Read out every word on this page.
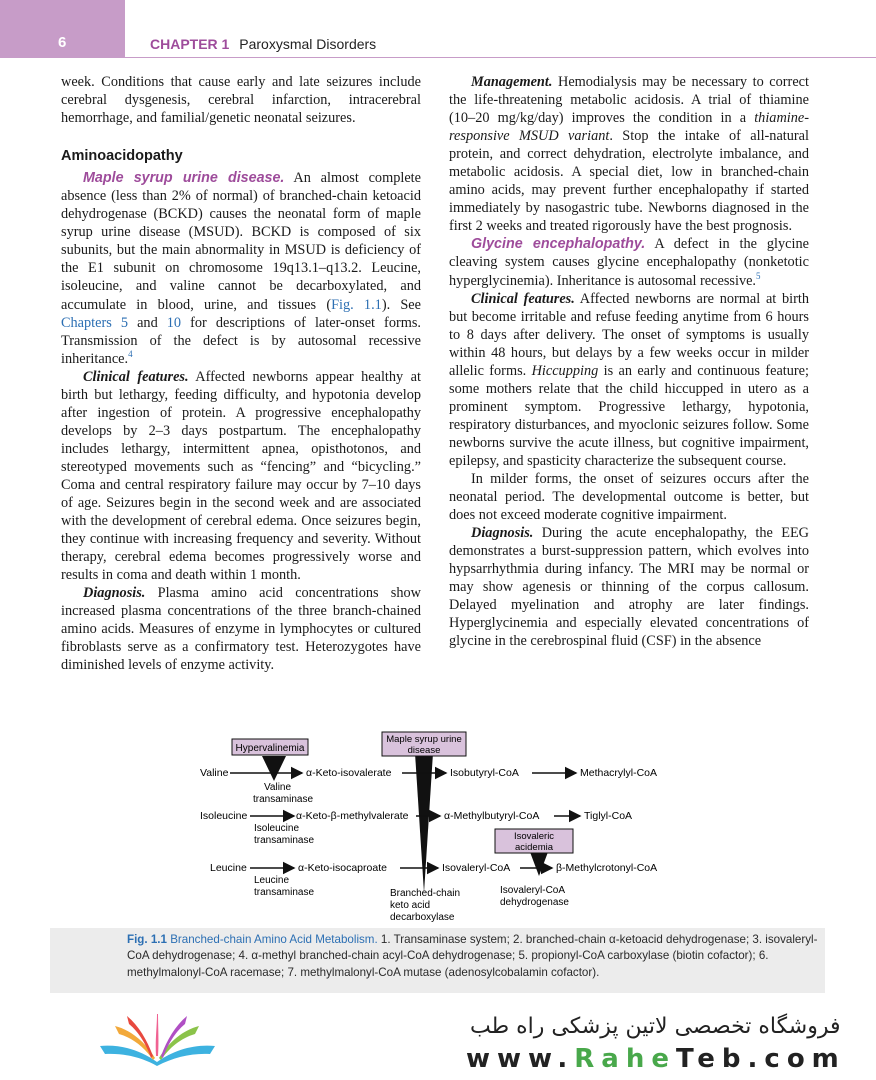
6	CHAPTER 1 Paroxysmal Disorders

week. Conditions that cause early and late seizures include cerebral dysgenesis, cerebral infarction, intracerebral hemorrhage, and familial/genetic neonatal seizures.

Aminoacidopathy

Maple syrup urine disease. An almost complete absence (less than 2% of normal) of branched-chain ketoacid dehydrogenase (BCKD) causes the neonatal form of maple syrup urine disease (MSUD). BCKD is composed of six subunits, but the main abnormality in MSUD is deficiency of the E1 subunit on chromosome 19q13.1–q13.2. Leucine, isoleucine, and valine cannot be decarboxylated, and accumulate in blood, urine, and tissues (Fig. 1.1). See Chapters 5 and 10 for descriptions of later-onset forms. Transmission of the defect is by autosomal recessive inheritance.$^4$

Clinical features. Affected newborns appear healthy at birth but lethargy, feeding difficulty, and hypotonia develop after ingestion of protein. A progressive encephalopathy develops by 2–3 days postpartum. The encephalopathy includes lethargy, intermittent apnea, opisthotonos, and stereotyped movements such as “fencing” and “bicycling.” Coma and central respiratory failure may occur by 7–10 days of age. Seizures begin in the second week and are associated with the development of cerebral edema. Once seizures begin, they continue with increasing frequency and severity. Without therapy, cerebral edema becomes progressively worse and results in coma and death within 1 month.

Diagnosis. Plasma amino acid concentrations show increased plasma concentrations of the three branch-chained amino acids. Measures of enzyme in lymphocytes or cultured fibroblasts serve as a confirmatory test. Heterozygotes have diminished levels of enzyme activity.

Management. Hemodialysis may be necessary to correct the life-threatening metabolic acidosis. A trial of thiamine (10–20 mg/kg/day) improves the condition in a thiamine-responsive MSUD variant. Stop the intake of all-natural protein, and correct dehydration, electrolyte imbalance, and metabolic acidosis. A special diet, low in branched-chain amino acids, may prevent further encephalopathy if started immediately by nasogastric tube. Newborns diagnosed in the first 2 weeks and treated rigorously have the best prognosis.

Glycine encephalopathy. A defect in the glycine cleaving system causes glycine encephalopathy (nonketotic hyperglycinemia). Inheritance is autosomal recessive.$^5$

Clinical features. Affected newborns are normal at birth but become irritable and refuse feeding anytime from 6 hours to 8 days after delivery. The onset of symptoms is usually within 48 hours, but delays by a few weeks occur in milder allelic forms. Hiccupping is an early and continuous feature; some mothers relate that the child hiccupped in utero as a prominent symptom. Progressive lethargy, hypotonia, respiratory disturbances, and myoclonic seizures follow. Some newborns survive the acute illness, but cognitive impairment, epilepsy, and spasticity characterize the subsequent course.

In milder forms, the onset of seizures occurs after the neonatal period. The developmental outcome is better, but does not exceed moderate cognitive impairment.

Diagnosis. During the acute encephalopathy, the EEG demonstrates a burst-suppression pattern, which evolves into hypsarrhythmia during infancy. The MRI may be normal or may show agenesis or thinning of the corpus callosum. Delayed myelination and atrophy are later findings. Hyperglycinemia and especially elevated concentrations of glycine in the cerebrospinal fluid (CSF) in the absence

Hypervalinemia
Maple syrup urine
disease
Isovaleric
acidemia
Valine	α-Keto-isovalerate	Isobutyryl-CoA	Methacrylyl-CoA
Valine
transaminase
Isoleucine	α-Keto-β-methylvalerate	α-Methylbutyryl-CoA	Tiglyl-CoA
Isoleucine
transaminase
Leucine	α-Keto-isocaproate	Isovaleryl-CoA	β-Methylcrotonyl-CoA
Leucine
transaminase	Branched-chain
keto acid
decarboxylase
Isovaleryl-CoA
dehydrogenase
Fig. 1.1 Branched-chain Amino Acid Metabolism. 1. Transaminase system; 2. branched-chain α-ketoacid dehydrogenase; 3. isovaleryl-CoA dehydrogenase; 4. α-methyl branched-chain acyl-CoA dehydrogenase; 5. propionyl-CoA carboxylase (biotin cofactor); 6. methylmalonyl-CoA racemase; 7. methylmalonyl-CoA mutase (adenosylcobalamin cofactor).
فروشگاه تخصصی لاتین پزشکی راه طب
www.RaheTeb.com
